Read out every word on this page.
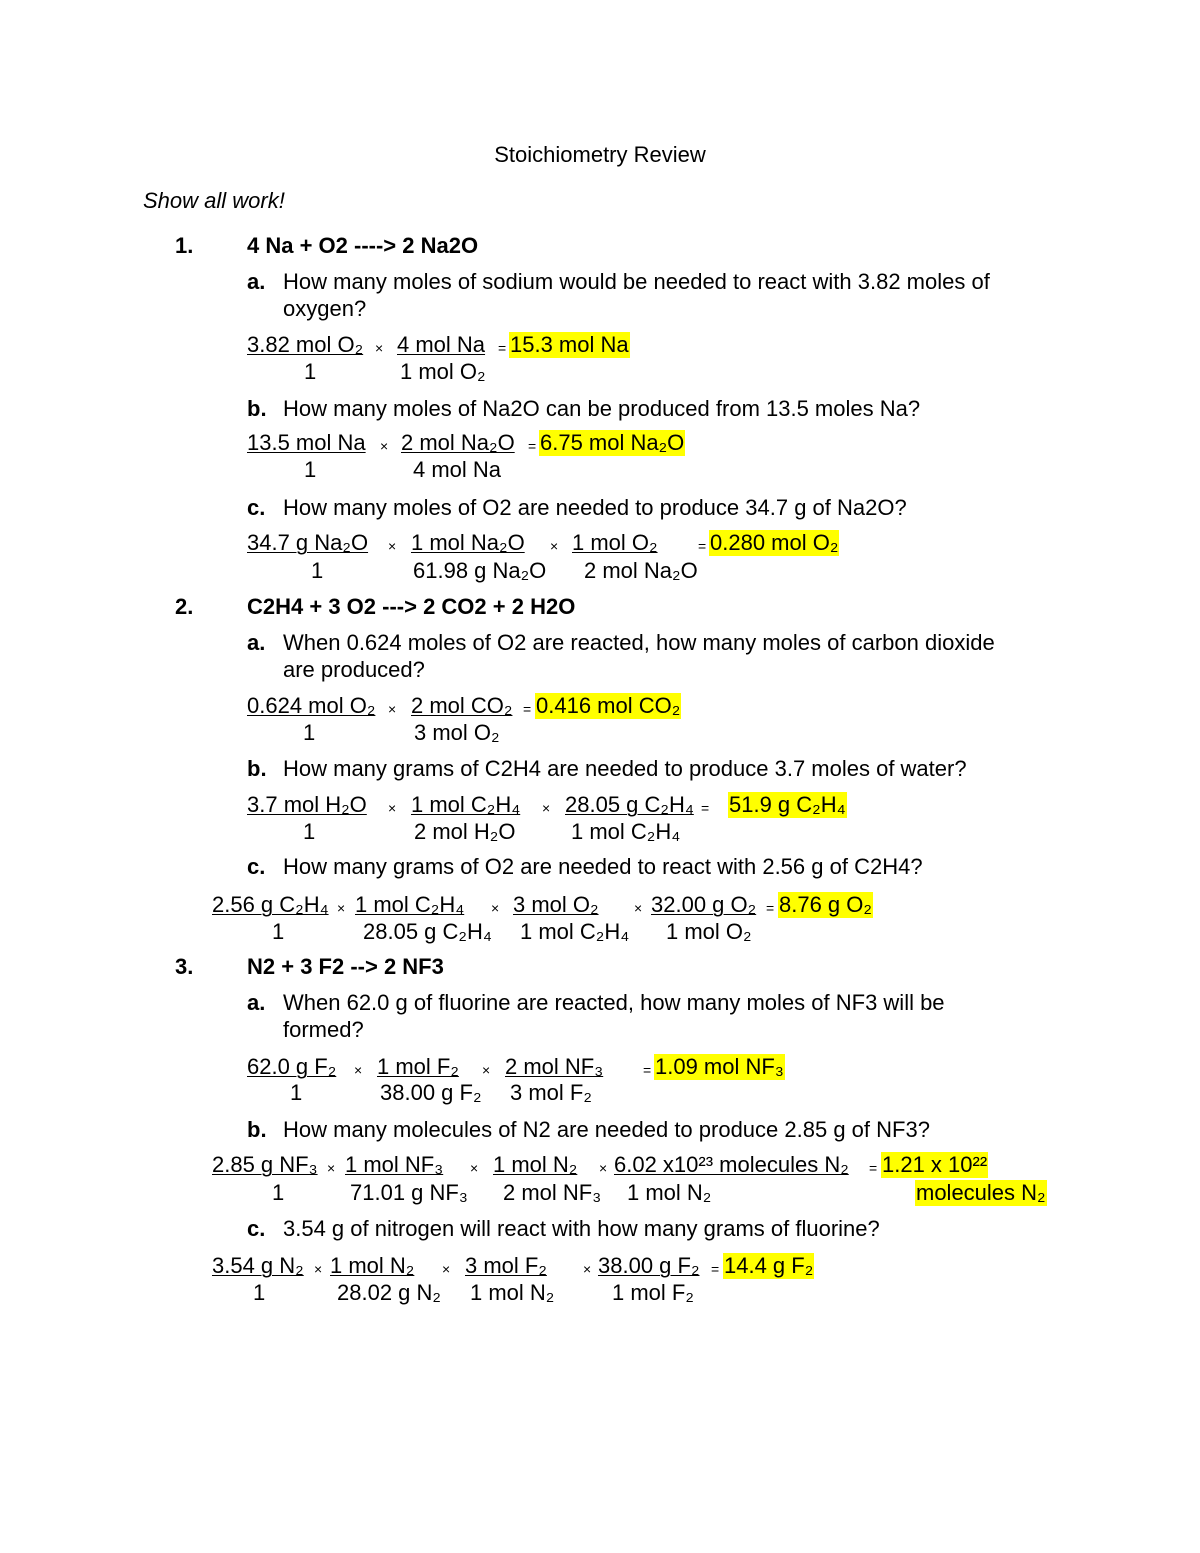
Stoichiometry Review
Show all work!
1. 4 Na + O2 ----> 2 Na2O
a. How many moles of sodium would be needed to react with 3.82 moles of
oxygen?
3.82 mol O₂ × 4 mol Na = 15.3 mol Na
1	1 mol O₂
b. How many moles of Na2O can be produced from 13.5 moles Na?
13.5 mol Na × 2 mol Na₂O = 6.75 mol Na₂O
1	4 mol Na
c. How many moles of O2 are needed to produce 34.7 g of Na2O?
34.7 g Na₂O × 1 mol Na₂O × 1 mol O₂	= 0.280 mol O₂
1	61.98 g Na₂O 2 mol Na₂O
2. C2H4 + 3 O2 ---> 2 CO2 + 2 H2O
a. When 0.624 moles of O2 are reacted, how many moles of carbon dioxide
are produced?
0.624 mol O₂ × 2 mol CO₂ = 0.416 mol CO₂
1	3 mol O₂
b. How many grams of C2H4 are needed to produce 3.7 moles of water?
3.7 mol H₂O × 1 mol C₂H₄ × 28.05 g C₂H₄ = 51.9 g C₂H₄
1	2 mol H₂O	1 mol C₂H₄
c. How many grams of O2 are needed to react with 2.56 g of C2H4?
2.56 g C₂H₄ × 1 mol C₂H₄ × 3 mol O₂	× 32.00 g O₂ = 8.76 g O₂
1	28.05 g C₂H₄ 1 mol C₂H₄ 1 mol O₂
3. N2 + 3 F2 --> 2 NF3
a. When 62.0 g of fluorine are reacted, how many moles of NF3 will be
formed?
62.0 g F₂ × 1 mol F₂ × 2 mol NF₃	= 1.09 mol NF₃
1	38.00 g F₂ 3 mol F₂
b. How many molecules of N2 are needed to produce 2.85 g of NF3?
2.85 g NF₃ × 1 mol NF₃ × 1 mol N₂ × 6.02 x10²³ molecules N₂ = 1.21 x 10²²
1	71.01 g NF₃ 2 mol NF₃ 1 mol N₂	molecules N₂
c. 3.54 g of nitrogen will react with how many grams of fluorine?
3.54 g N₂ × 1 mol N₂ × 3 mol F₂	× 38.00 g F₂ = 14.4 g F₂
1	28.02 g N₂ 1 mol N₂	1 mol F₂
